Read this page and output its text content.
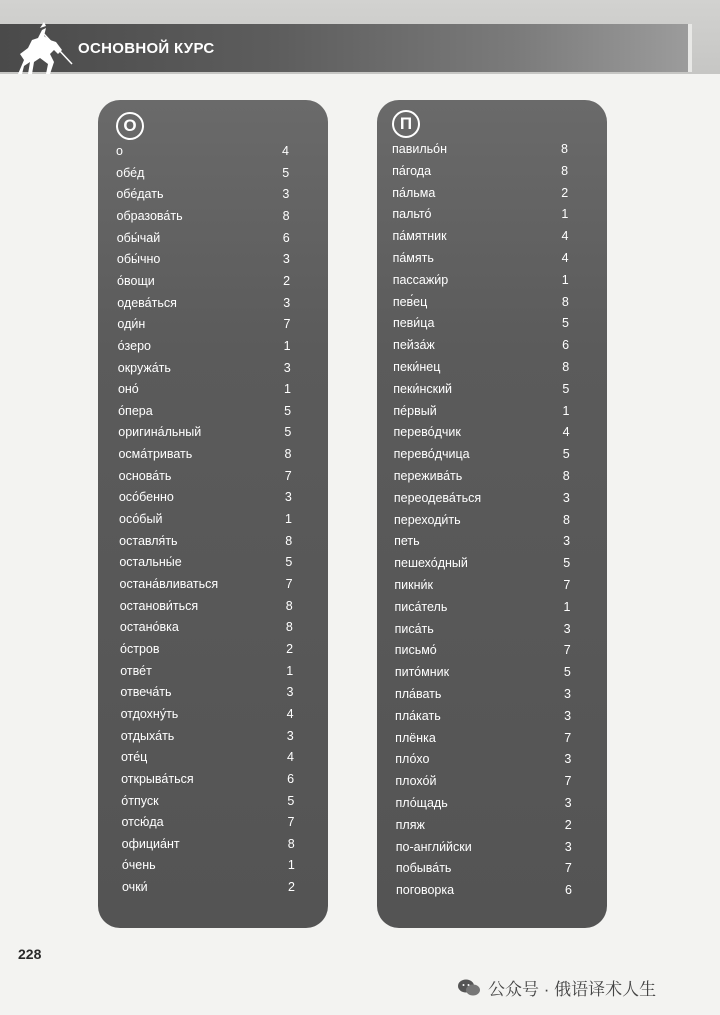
ОСНОВНОЙ КУРС
О
о	4
обе́д	5
обе́дать	3
образова́ть	8
обы́чай	6
обы́чно	3
о́вощи	2
одева́ться	3
оди́н	7
о́зеро	1
окружа́ть	3
оно́	1
о́пера	5
оригина́льный	5
осма́тривать	8
основа́ть	7
осо́бенно	3
осо́бый	1
оставля́ть	8
остальны́е	5
остана́вливаться	7
останови́ться	8
остано́вка	8
о́стров	2
отве́т	1
отвеча́ть	3
отдохну́ть	4
отдыха́ть	3
оте́ц	4
открыва́ться	6
о́тпуск	5
отсю́да	7
официа́нт	8
о́чень	1
очки́	2
П
павильо́н	8
па́года	8
па́льма	2
пальто́	1
па́мятник	4
па́мять	4
пассажи́р	1
пев́ец	8
певи́ца	5
пейза́ж	6
пеки́нец	8
пеки́нский	5
пе́рвый	1
перево́дчик	4
перево́дчица	5
пережива́ть	8
переодева́ться	3
переходи́ть	8
петь	3
пешехо́дный	5
пикни́к	7
писа́тель	1
писа́ть	3
письмо́	7
пито́мник	5
пла́вать	3
пла́кать	3
плёнка	7
пло́хо	3
плохо́й	7
пло́щадь	3
пляж	2
по-англи́йски	3
побыва́ть	7
поговорка	6
228
公众号 · 俄语译术人生
